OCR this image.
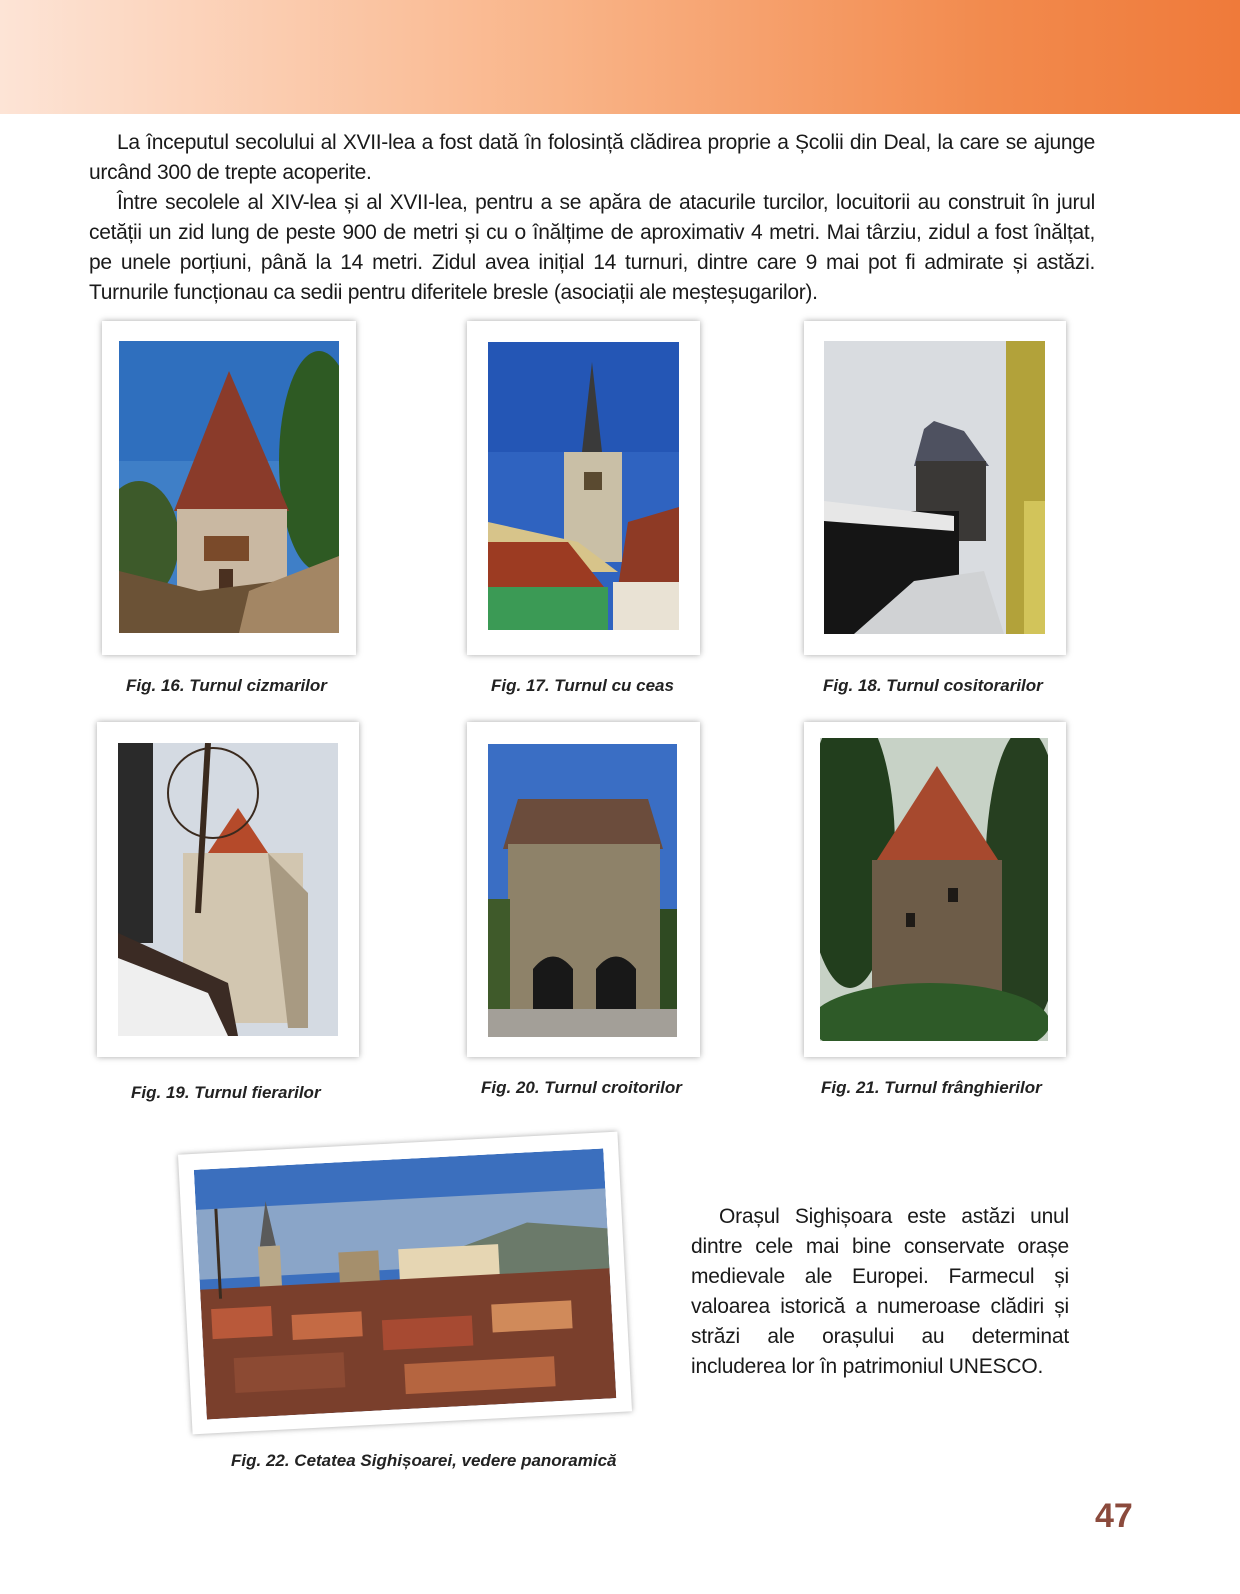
La începutul secolului al XVII-lea a fost dată în folosință clădirea proprie a Școlii din Deal, la care se ajunge urcând 300 de trepte acoperite.

Între secolele al XIV-lea și al XVII-lea, pentru a se apăra de atacurile turcilor, locuitorii au construit în jurul cetății un zid lung de peste 900 de metri și cu o înălțime de aproximativ 4 metri. Mai târziu, zidul a fost înălțat, pe unele porțiuni, până la 14 metri. Zidul avea inițial 14 turnuri, dintre care 9 mai pot fi admirate și astăzi. Turnurile funcționau ca sedii pentru diferitele bresle (asociații ale meșteșugarilor).

Fig. 16. Turnul cizmarilor	Fig. 17. Turnul cu ceas	Fig. 18. Turnul cositorarilor
Fig. 19. Turnul fierarilor	Fig. 20. Turnul croitorilor	Fig. 21. Turnul frânghierilor
Fig. 22. Cetatea Sighișoarei, vedere panoramică

Orașul Sighișoara este astăzi unul dintre cele mai bine conservate orașe medievale ale Europei. Farmecul și valoarea istorică a numeroase clădiri și străzi ale orașului au determinat includerea lor în patrimoniul UNESCO.

47
